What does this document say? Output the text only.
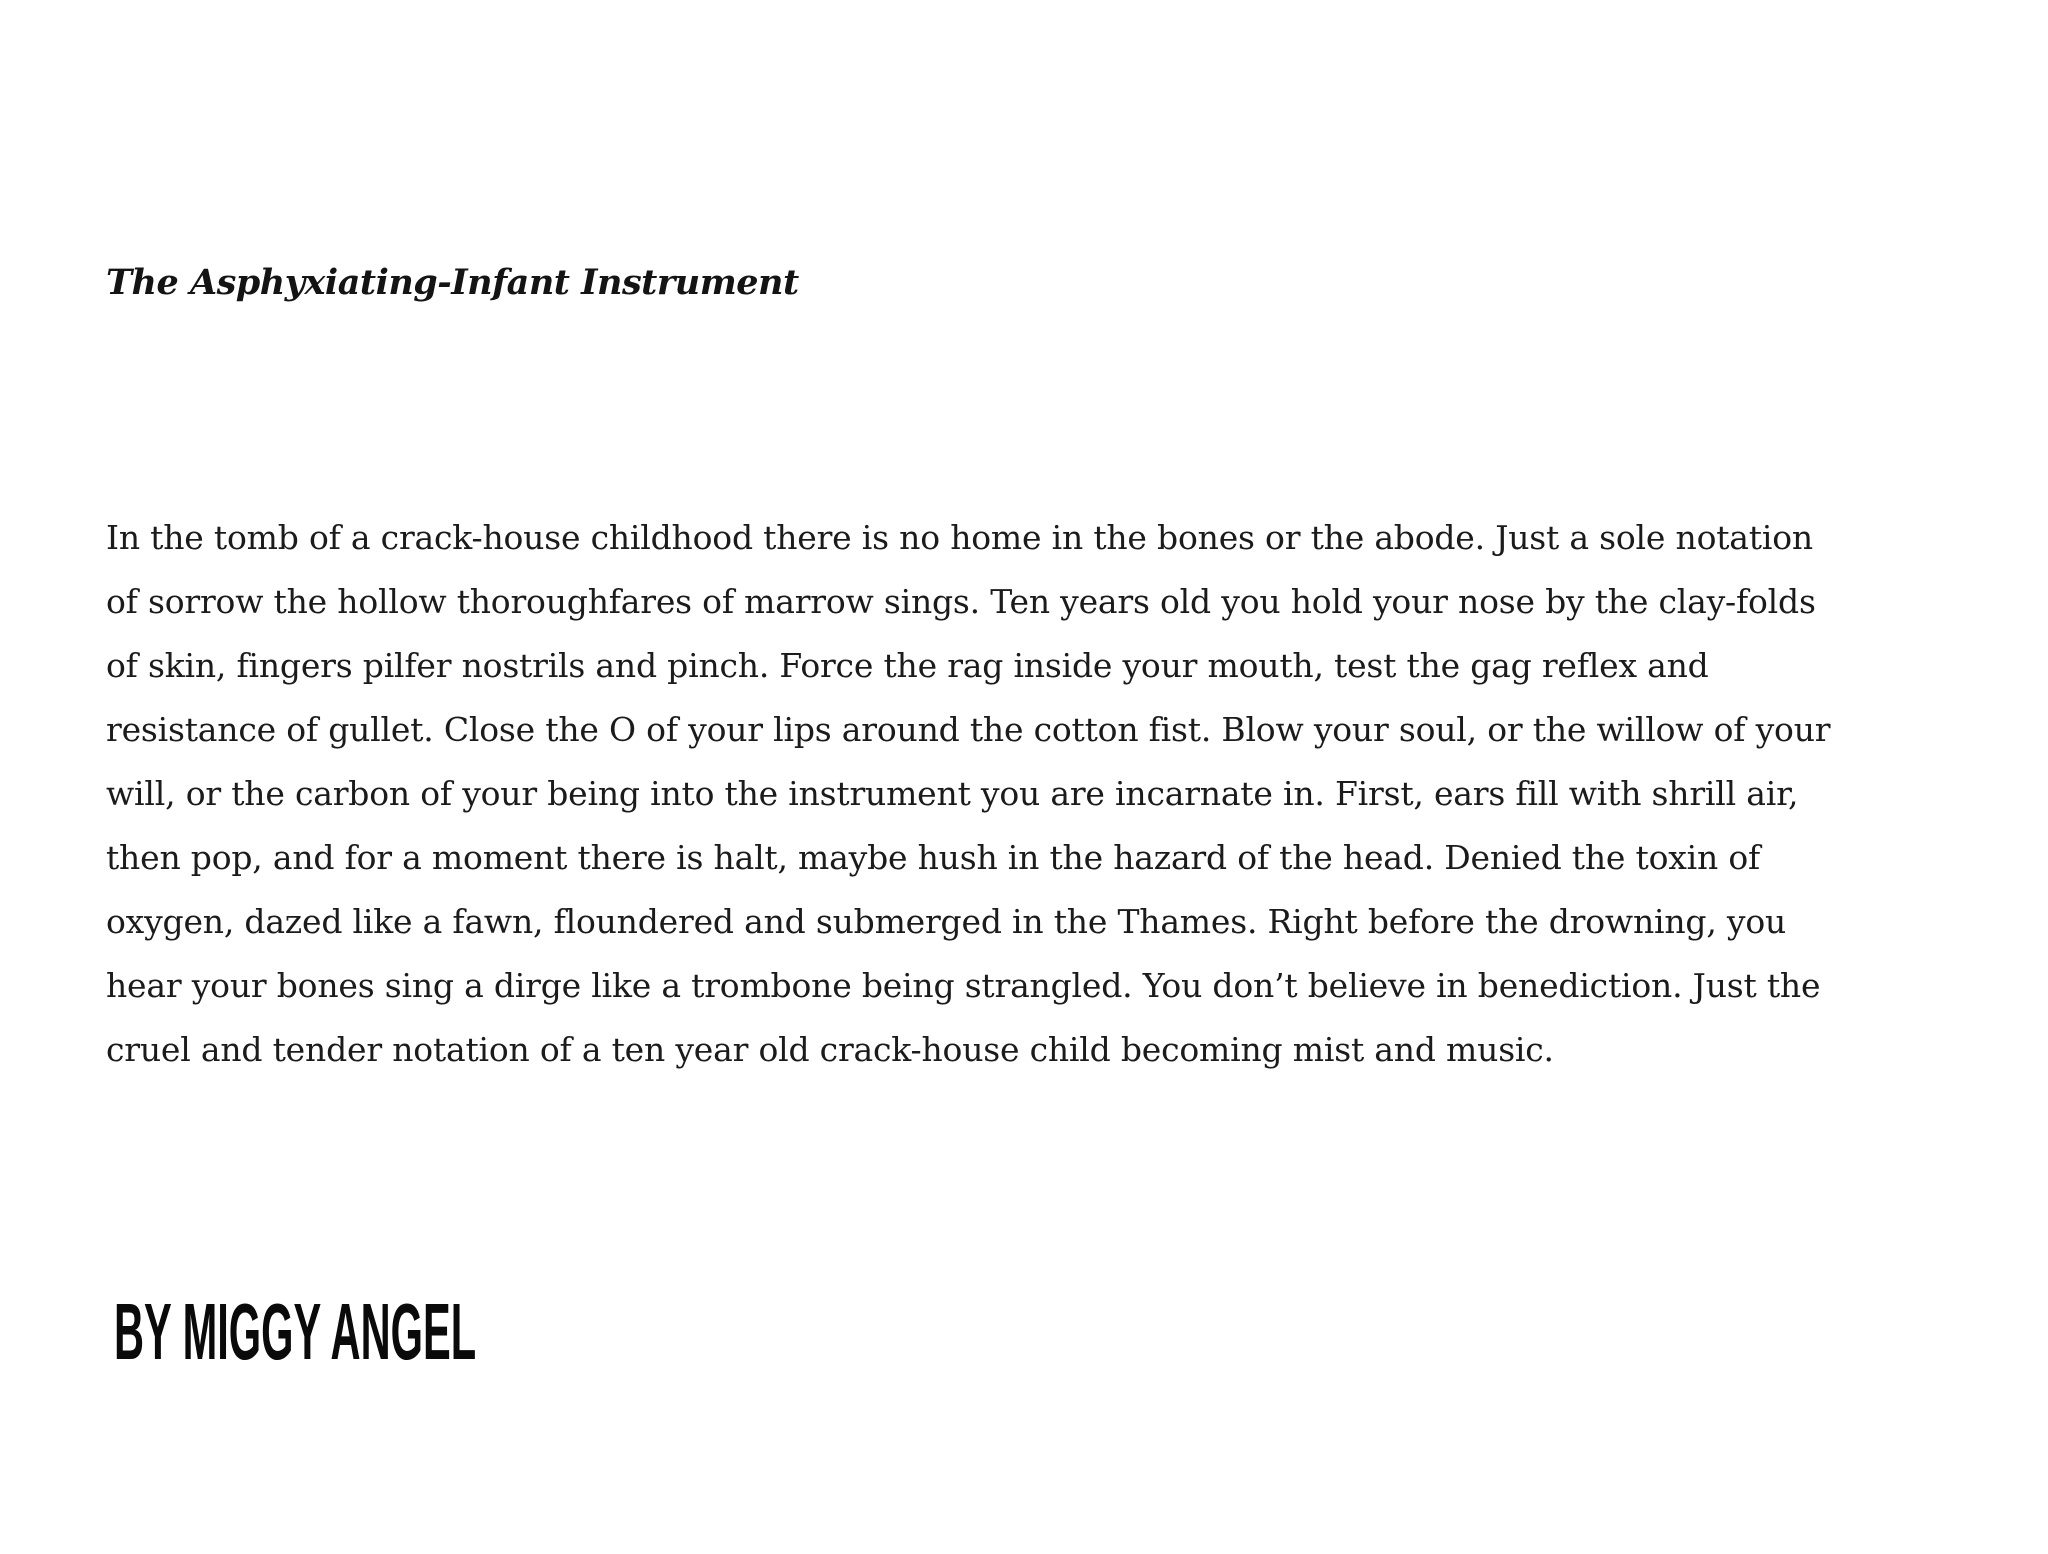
The Asphyxiating-Infant Instrument

In the tomb of a crack-house childhood there is no home in the bones or the abode. Just a sole notation

of sorrow the hollow thoroughfares of marrow sings. Ten years old you hold your nose by the clay-folds

of skin, fingers pilfer nostrils and pinch. Force the rag inside your mouth, test the gag reflex and

resistance of gullet. Close the O of your lips around the cotton fist. Blow your soul, or the willow of your

will, or the carbon of your being into the instrument you are incarnate in. First, ears fill with shrill air,

then pop, and for a moment there is halt, maybe hush in the hazard of the head. Denied the toxin of

oxygen, dazed like a fawn, floundered and submerged in the Thames. Right before the drowning, you

hear your bones sing a dirge like a trombone being strangled. You don’t believe in benediction. Just the

cruel and tender notation of a ten year old crack-house child becoming mist and music.

BY MIGGY ANGEL
